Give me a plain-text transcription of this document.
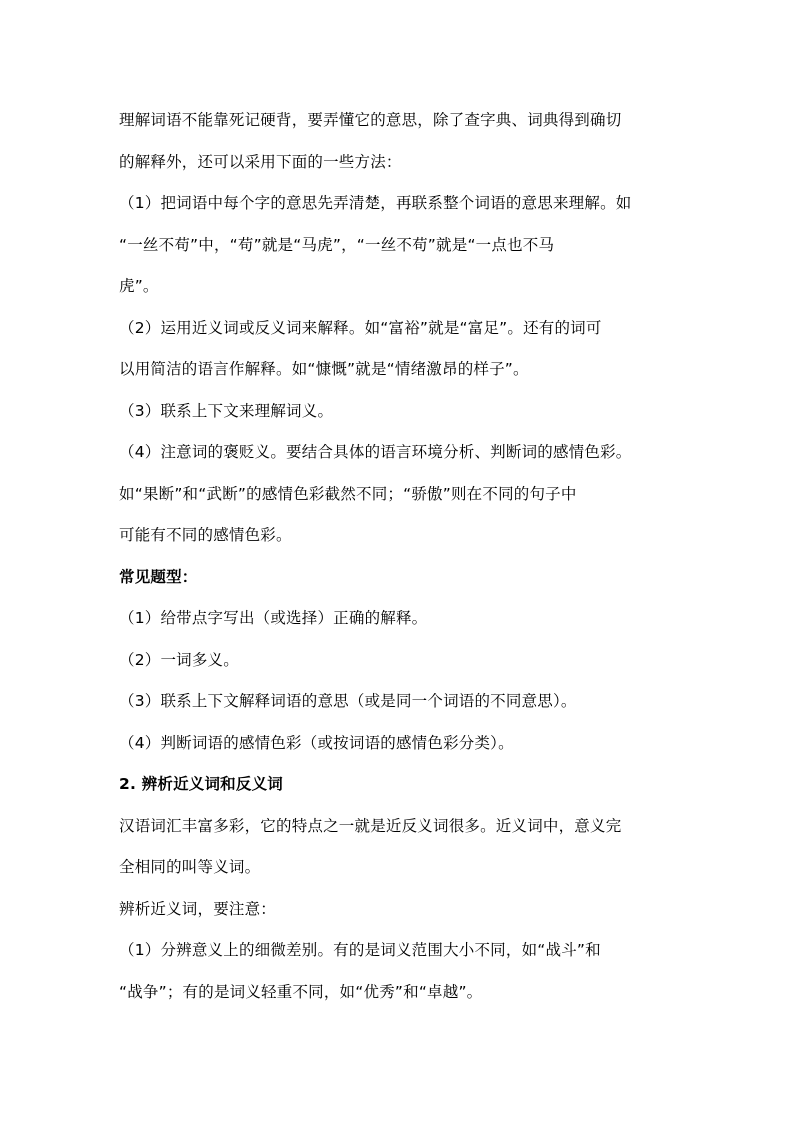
理解词语不能靠死记硬背，要弄懂它的意思，除了查字典、词典得到确切
的解释外，还可以采用下面的一些方法：
（1）把词语中每个字的意思先弄清楚，再联系整个词语的意思来理解。如
“一丝不苟”中，“苟”就是“马虎”，“一丝不苟”就是“一点也不马
虎”。
（2）运用近义词或反义词来解释。如“富裕”就是“富足”。还有的词可
以用简洁的语言作解释。如“慷慨”就是“情绪激昂的样子”。
（3）联系上下文来理解词义。
（4）注意词的褒贬义。要结合具体的语言环境分析、判断词的感情色彩。
如“果断”和“武断”的感情色彩截然不同；“骄傲”则在不同的句子中
可能有不同的感情色彩。
常见题型：
（1）给带点字写出（或选择）正确的解释。
（2）一词多义。
（3）联系上下文解释词语的意思（或是同一个词语的不同意思）。
（4）判断词语的感情色彩（或按词语的感情色彩分类）。
2. 辨析近义词和反义词
汉语词汇丰富多彩，它的特点之一就是近反义词很多。近义词中，意义完
全相同的叫等义词。
辨析近义词，要注意：
（1）分辨意义上的细微差别。有的是词义范围大小不同，如“战斗”和
“战争”；有的是词义轻重不同，如“优秀”和“卓越”。
